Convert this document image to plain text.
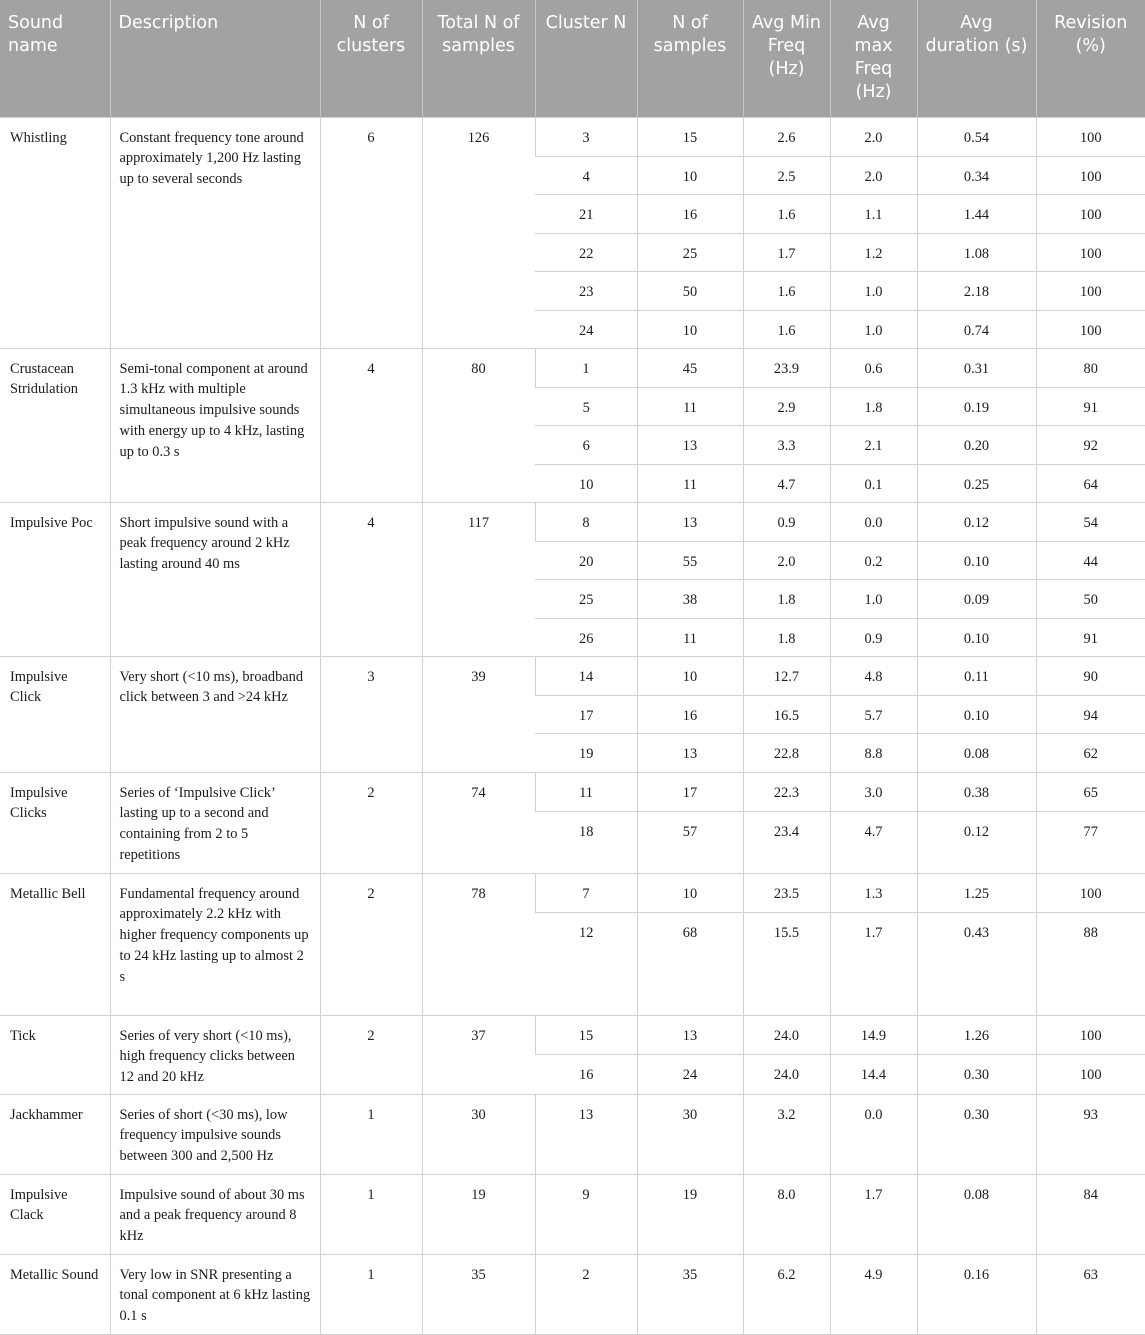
Sound name	Description	N of clusters	Total N of samples	Cluster N	N of samples	Avg Min Freq (Hz)	Avg max Freq (Hz)	Avg duration (s)	Revision (%)
Whistling	Constant frequency tone around approximately 1,200 Hz lasting up to several seconds	6	126	3	15	2.6	2.0	0.54	100
				4	10	2.5	2.0	0.34	100
				21	16	1.6	1.1	1.44	100
				22	25	1.7	1.2	1.08	100
				23	50	1.6	1.0	2.18	100
				24	10	1.6	1.0	0.74	100
Crustacean Stridulation	Semi-tonal component at around 1.3 kHz with multiple simultaneous impulsive sounds with energy up to 4 kHz, lasting up to 0.3 s	4	80	1	45	23.9	0.6	0.31	80
				5	11	2.9	1.8	0.19	91
				6	13	3.3	2.1	0.20	92
				10	11	4.7	0.1	0.25	64
Impulsive Poc	Short impulsive sound with a peak frequency around 2 kHz lasting around 40 ms	4	117	8	13	0.9	0.0	0.12	54
				20	55	2.0	0.2	0.10	44
				25	38	1.8	1.0	0.09	50
				26	11	1.8	0.9	0.10	91
Impulsive Click	Very short (<10 ms), broadband click between 3 and >24 kHz	3	39	14	10	12.7	4.8	0.11	90
				17	16	16.5	5.7	0.10	94
				19	13	22.8	8.8	0.08	62
Impulsive Clicks	Series of ‘Impulsive Click’ lasting up to a second and containing from 2 to 5 repetitions	2	74	11	17	22.3	3.0	0.38	65
				18	57	23.4	4.7	0.12	77
Metallic Bell	Fundamental frequency around approximately 2.2 kHz with higher frequency components up to 24 kHz lasting up to almost 2 s	2	78	7	10	23.5	1.3	1.25	100
				12	68	15.5	1.7	0.43	88
Tick	Series of very short (<10 ms), high frequency clicks between 12 and 20 kHz	2	37	15	13	24.0	14.9	1.26	100
				16	24	24.0	14.4	0.30	100
Jackhammer	Series of short (<30 ms), low frequency impulsive sounds between 300 and 2,500 Hz	1	30	13	30	3.2	0.0	0.30	93
Impulsive Clack	Impulsive sound of about 30 ms and a peak frequency around 8 kHz	1	19	9	19	8.0	1.7	0.08	84
Metallic Sound	Very low in SNR presenting a tonal component at 6 kHz lasting 0.1 s	1	35	2	35	6.2	4.9	0.16	63
